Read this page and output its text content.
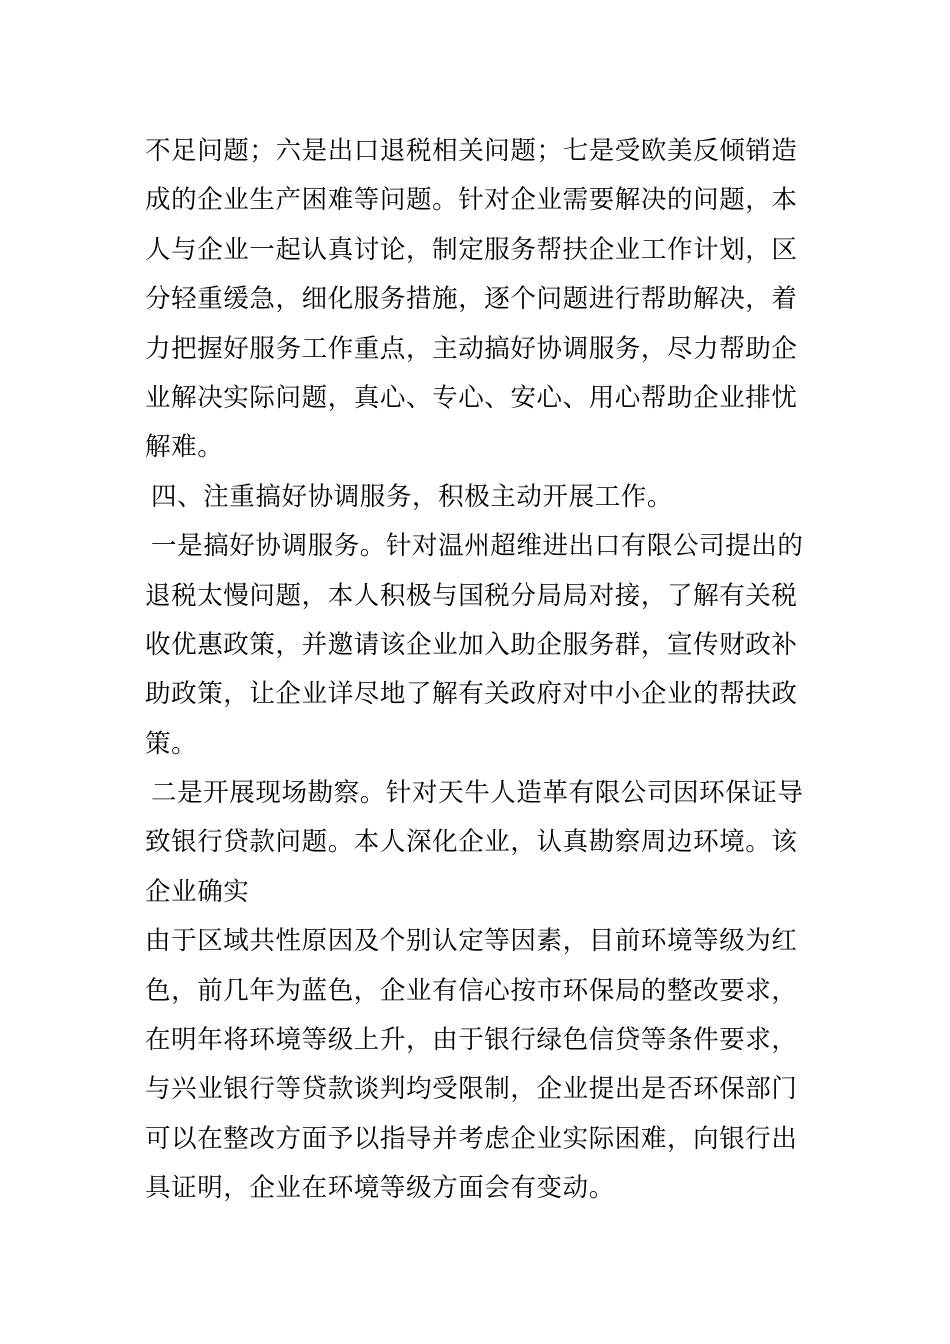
不足问题；六是出口退税相关问题；七是受欧美反倾销造
成的企业生产困难等问题。针对企业需要解决的问题，本
人与企业一起认真讨论，制定服务帮扶企业工作计划，区
分轻重缓急，细化服务措施，逐个问题进行帮助解决，着
力把握好服务工作重点，主动搞好协调服务，尽力帮助企
业解决实际问题，真心、专心、安心、用心帮助企业排忧
解难。
四、注重搞好协调服务，积极主动开展工作。
一是搞好协调服务。针对温州超维进出口有限公司提出的
退税太慢问题，本人积极与国税分局局对接，了解有关税
收优惠政策，并邀请该企业加入助企服务群，宣传财政补
助政策，让企业详尽地了解有关政府对中小企业的帮扶政
策。
二是开展现场勘察。针对天牛人造革有限公司因环保证导
致银行贷款问题。本人深化企业，认真勘察周边环境。该
企业确实
由于区域共性原因及个别认定等因素，目前环境等级为红
色，前几年为蓝色，企业有信心按市环保局的整改要求，
在明年将环境等级上升，由于银行绿色信贷等条件要求，
与兴业银行等贷款谈判均受限制，企业提出是否环保部门
可以在整改方面予以指导并考虑企业实际困难，向银行出
具证明，企业在环境等级方面会有变动。
